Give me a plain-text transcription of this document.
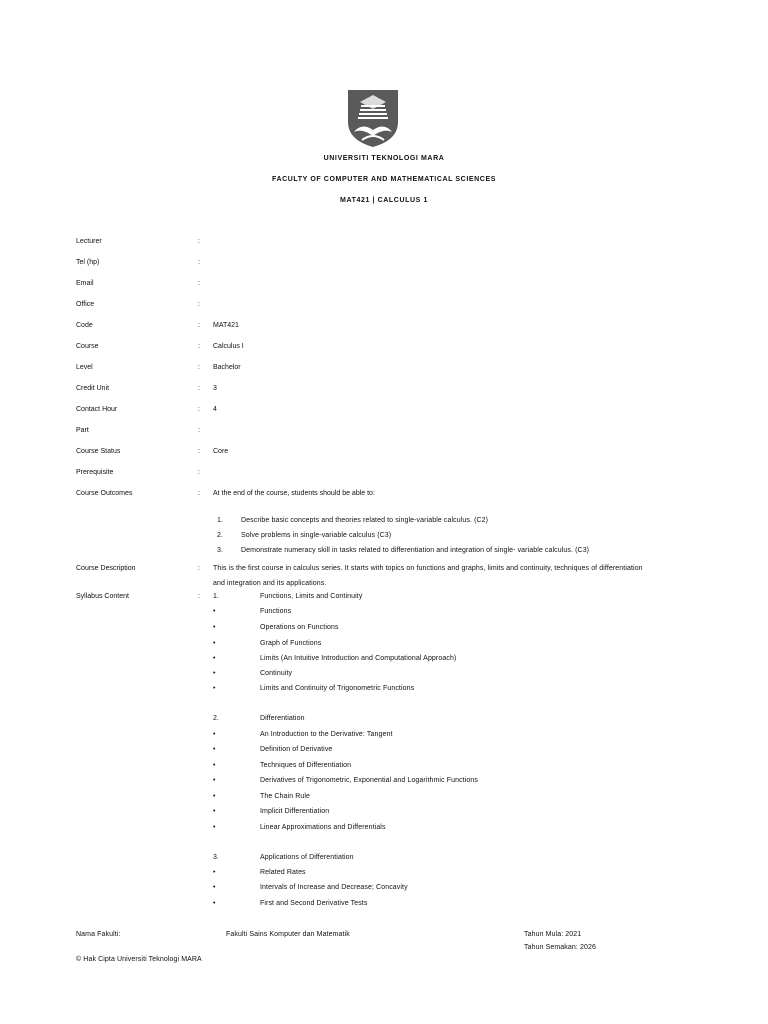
UNIVERSITI TEKNOLOGI MARA
FACULTY OF COMPUTER AND MATHEMATICAL SCIENCES
MAT421 | CALCULUS 1
Lecturer	:
Tel (hp)	:
Email	:
Office	:
Code	: MAT421
Course	: Calculus I
Level	: Bachelor
Credit Unit	: 3
Contact Hour	: 4
Part	:
Course Status	: Core
Prerequisite	:
Course Outcomes	: At the end of the course, students should be able to:
1.	Describe basic concepts and theories related to single-variable calculus. (C2)
2.	Solve problems in single-variable calculus (C3)
3.	Demonstrate numeracy skill in tasks related to differentiation and integration of single- variable calculus. (C3)
Course Description	: This is the first course in calculus series. It starts with topics on functions and graphs, limits and continuity, techniques of differentiation
and integration and its applications.
Syllabus Content	: 1.	Functions, Limits and Continuity
•	Functions
•	Operations on Functions
•	Graph of Functions
•	Limits (An Intuitive Introduction and Computational Approach)
•	Continuity
•	Limits and Continuity of Trigonometric Functions
2.	Differentiation
•	An Introduction to the Derivative: Tangent
•	Definition of Derivative
•	Techniques of Differentiation
•	Derivatives of Trigonometric, Exponential and Logarithmic Functions
•	The Chain Rule
•	Implicit Differentiation
•	Linear Approximations and Differentials
3.	Applications of Differentiation
•	Related Rates
•	Intervals of Increase and Decrease; Concavity
•	First and Second Derivative Tests
Nama Fakulti:	Fakulti Sains Komputer dan Matematik	Tahun Mula: 2021
Tahun Semakan: 2026
© Hak Cipta Universiti Teknologi MARA
